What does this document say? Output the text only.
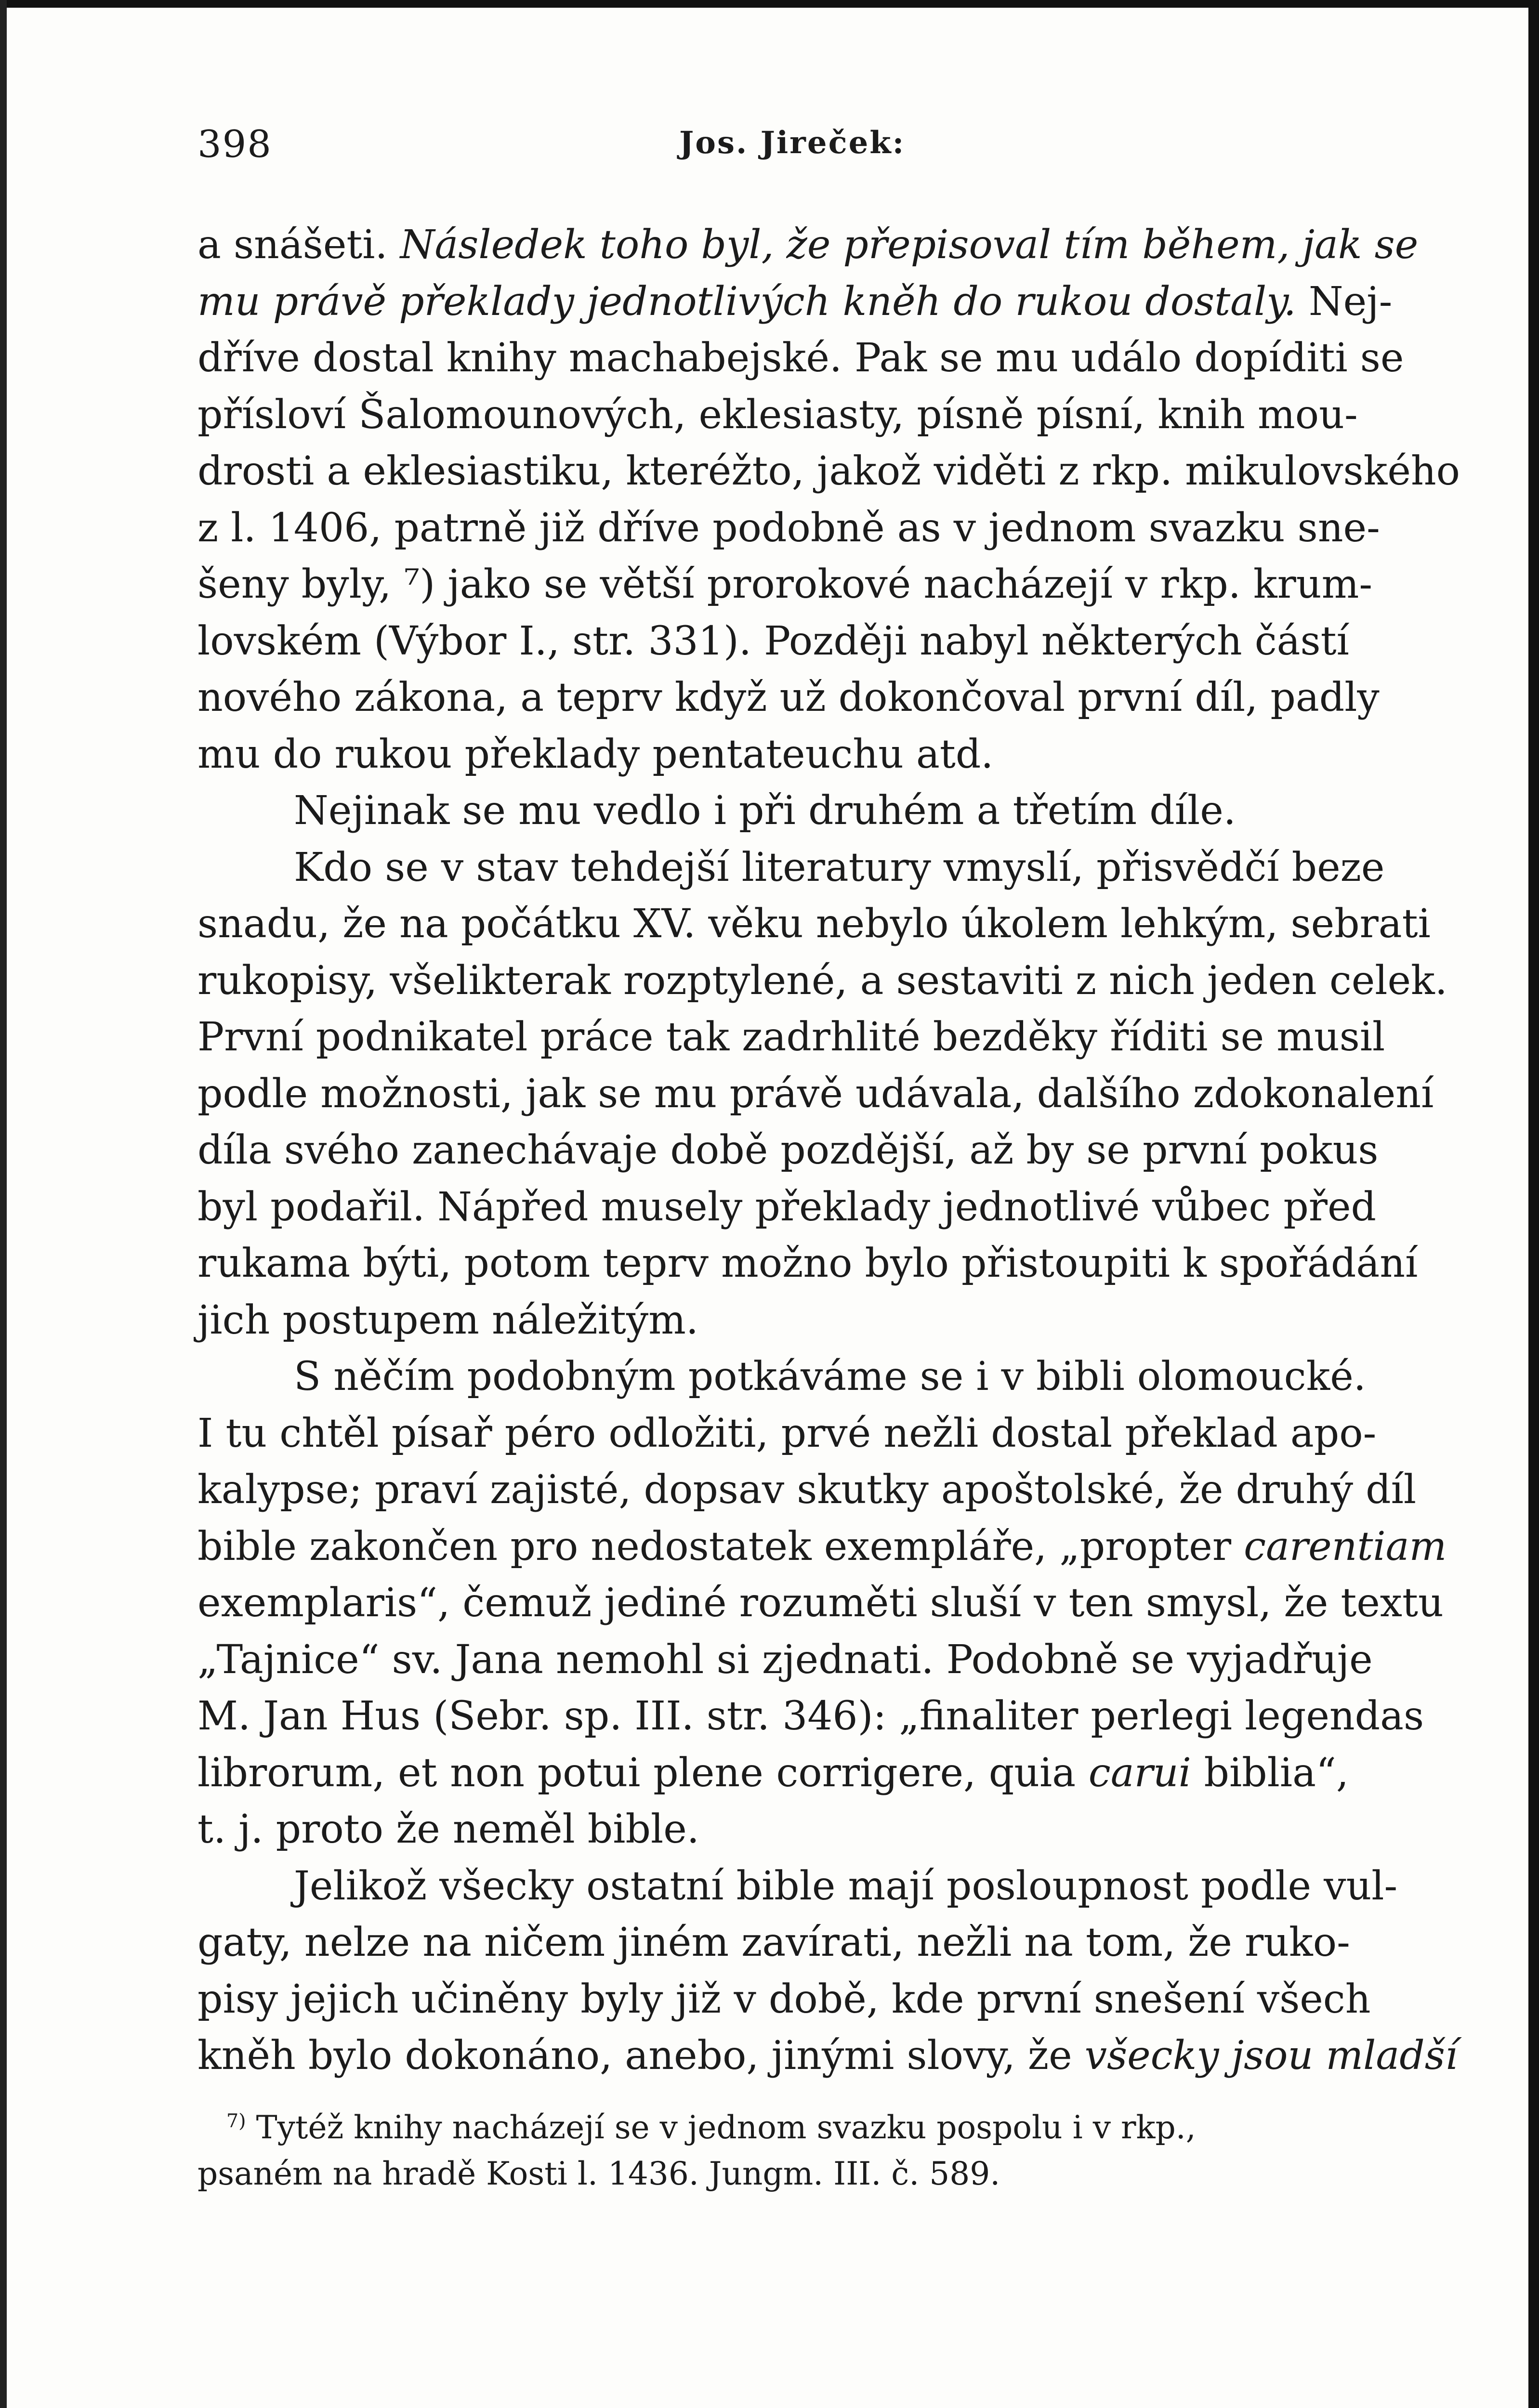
398	Jos. Jireček:
a snášeti. Následek toho byl, že přepisoval tím během, jak se
mu právě překlady jednotlivých kněh do rukou dostaly. Nej-
dříve dostal knihy machabejské. Pak se mu událo dopíditi se
přísloví Šalomounových, eklesiasty, písně písní, knih mou-
drosti a eklesiastiku, kteréžto, jakož viděti z rkp. mikulovského
z l. 1406, patrně již dříve podobně as v jednom svazku sne-
šeny byly, ⁷) jako se větší prorokové nacházejí v rkp. krum-
lovském (Výbor I., str. 331). Později nabyl některých částí
nového zákona, a teprv když už dokončoval první díl, padly
mu do rukou překlady pentateuchu atd.
Nejinak se mu vedlo i při druhém a třetím díle.
Kdo se v stav tehdejší literatury vmyslí, přisvědčí beze
snadu, že na počátku XV. věku nebylo úkolem lehkým, sebrati
rukopisy, všelikterak rozptylené, a sestaviti z nich jeden celek.
První podnikatel práce tak zadrhlité bezděky říditi se musil
podle možnosti, jak se mu právě udávala, dalšího zdokonalení
díla svého zanechávaje době pozdější, až by se první pokus
byl podařil. Nápřed musely překlady jednotlivé vůbec před
rukama býti, potom teprv možno bylo přistoupiti k spořádání
jich postupem náležitým.
S něčím podobným potkáváme se i v bibli olomoucké.
I tu chtěl písař péro odložiti, prvé nežli dostal překlad apo-
kalypse; praví zajisté, dopsav skutky apoštolské, že druhý díl
bible zakončen pro nedostatek exempláře, „propter carentiam
exemplaris“, čemuž jediné rozuměti sluší v ten smysl, že textu
„Tajnice“ sv. Jana nemohl si zjednati. Podobně se vyjadřuje
M. Jan Hus (Sebr. sp. III. str. 346): „finaliter perlegi legendas
librorum, et non potui plene corrigere, quia carui biblia“,
t. j. proto že neměl bible.
Jelikož všecky ostatní bible mají posloupnost podle vul-
gaty, nelze na ničem jiném zavírati, nežli na tom, že ruko-
pisy jejich učiněny byly již v době, kde první snešení všech
kněh bylo dokonáno, anebo, jinými slovy, že všecky jsou mladší
$^{7)}$ Tytéž knihy nacházejí se v jednom svazku pospolu i v rkp.,
psaném na hradě Kosti l. 1436. Jungm. III. č. 589.
